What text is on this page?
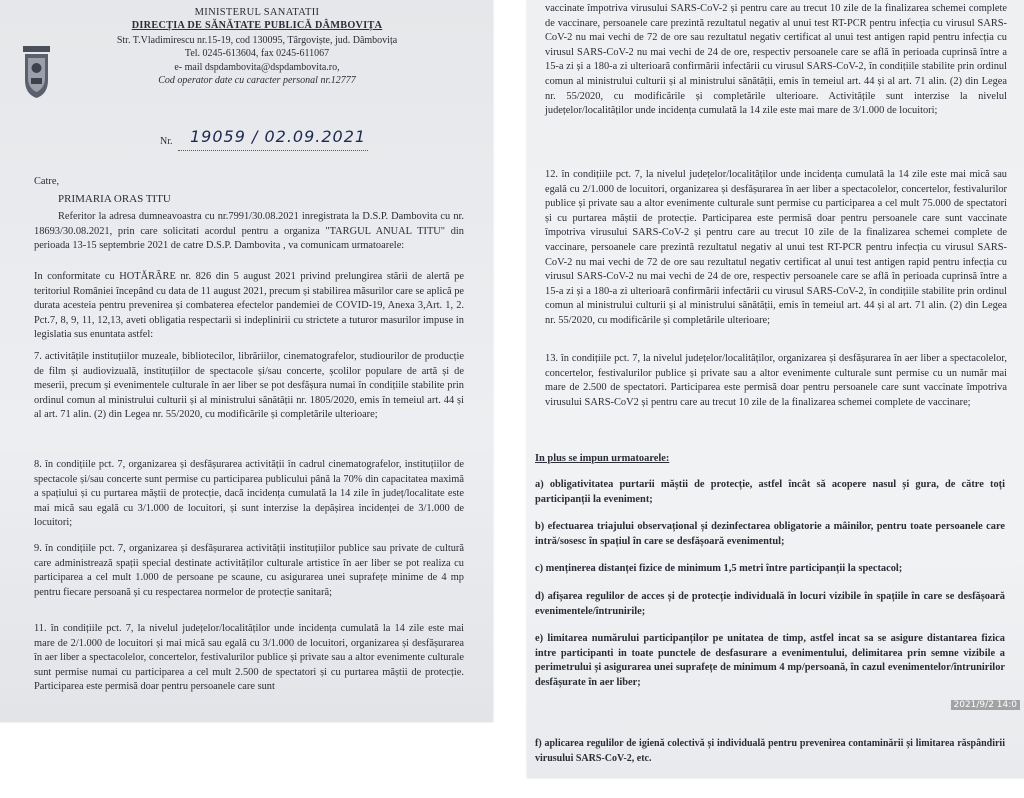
MINISTERUL SANATATII
DIRECȚIA DE SĂNĂTATE PUBLICĂ DÂMBOVIȚA
Str. T.Vladimirescu nr.15-19, cod 130095, Târgoviște, jud. Dâmbovița
Tel. 0245-613604, fax 0245-611067
e- mail dspdambovita@dspdambovita.ro,
Cod operator date cu caracter personal nr.12777
Nr. 19059 / 02.09.2021
Catre,
PRIMARIA ORAS TITU
Referitor la adresa dumneavoastra cu nr.7991/30.08.2021 inregistrata la D.S.P. Dambovita cu nr. 18693/30.08.2021, prin care solicitati acordul pentru a organiza "TARGUL ANUAL TITU" din perioada 13-15 septembrie 2021 de catre D.S.P. Dambovita , va comunicam urmatoarele:
In conformitate cu HOTĂRÂRE nr. 826 din 5 august 2021 privind prelungirea stării de alertă pe teritoriul României începând cu data de 11 august 2021, precum și stabilirea măsurilor care se aplică pe durata acesteia pentru prevenirea și combaterea efectelor pandemiei de COVID-19, Anexa 3,Art. 1, 2. Pct.7, 8, 9, 11, 12,13, aveti obligatia respectarii si indeplinirii cu strictete a tuturor masurilor impuse in legislatia sus enuntata astfel:
7. activitățile instituțiilor muzeale, bibliotecilor, librăriilor, cinematografelor, studiourilor de producție de film și audiovizuală, instituțiilor de spectacole și/sau concerte, școlilor populare de artă și de meserii, precum și evenimentele culturale în aer liber se pot desfășura numai în condițiile stabilite prin ordinul comun al ministrului culturii și al ministrului sănătății nr. 1805/2020, emis în temeiul art. 44 și al art. 71 alin. (2) din Legea nr. 55/2020, cu modificările și completările ulterioare;
8. în condițiile pct. 7, organizarea și desfășurarea activității în cadrul cinematografelor, instituțiilor de spectacole și/sau concerte sunt permise cu participarea publicului până la 70% din capacitatea maximă a spațiului și cu purtarea măștii de protecție, dacă incidența cumulată la 14 zile în județ/localitate este mai mică sau egală cu 3/1.000 de locuitori, și sunt interzise la depășirea incidenței de 3/1.000 de locuitori;
9. în condițiile pct. 7, organizarea și desfășurarea activității instituțiilor publice sau private de cultură care administrează spații special destinate activităților culturale artistice în aer liber se pot realiza cu participarea a cel mult 1.000 de persoane pe scaune, cu asigurarea unei suprafețe minime de 4 mp pentru fiecare persoană și cu respectarea normelor de protecție sanitară;
11. în condițiile pct. 7, la nivelul județelor/localităților unde incidența cumulată la 14 zile este mai mare de 2/1.000 de locuitori și mai mică sau egală cu 3/1.000 de locuitori, organizarea și desfășurarea în aer liber a spectacolelor, concertelor, festivalurilor publice și private sau a altor evenimente culturale sunt permise numai cu participarea a cel mult 2.500 de spectatori și cu purtarea măștii de protecție. Participarea este permisă doar pentru persoanele care sunt
vaccinate împotriva virusului SARS-CoV-2 și pentru care au trecut 10 zile de la finalizarea schemei complete de vaccinare, persoanele care prezintă rezultatul negativ al unui test RT-PCR pentru infecția cu virusul SARS-CoV-2 nu mai vechi de 72 de ore sau rezultatul negativ certificat al unui test antigen rapid pentru infecția cu virusul SARS-CoV-2 nu mai vechi de 24 de ore, respectiv persoanele care se află în perioada cuprinsă între a 15-a zi și a 180-a zi ulterioară confirmării infectării cu virusul SARS-CoV-2, în condițiile stabilite prin ordinul comun al ministrului culturii și al ministrului sănătății, emis în temeiul art. 44 și al art. 71 alin. (2) din Legea nr. 55/2020, cu modificările și completările ulterioare. Activitățile sunt interzise la nivelul județelor/localităților unde incidența cumulată la 14 zile este mai mare de 3/1.000 de locuitori;
12. în condițiile pct. 7, la nivelul județelor/localităților unde incidența cumulată la 14 zile este mai mică sau egală cu 2/1.000 de locuitori, organizarea și desfășurarea în aer liber a spectacolelor, concertelor, festivalurilor publice și private sau a altor evenimente culturale sunt permise cu participarea a cel mult 75.000 de spectatori și cu purtarea măștii de protecție. Participarea este permisă doar pentru persoanele care sunt vaccinate împotriva virusului SARS-CoV-2 și pentru care au trecut 10 zile de la finalizarea schemei complete de vaccinare, persoanele care prezintă rezultatul negativ al unui test RT-PCR pentru infecția cu virusul SARS-CoV-2 nu mai vechi de 72 de ore sau rezultatul negativ certificat al unui test antigen rapid pentru infecția cu virusul SARS-CoV-2 nu mai vechi de 24 de ore, respectiv persoanele care se află în perioada cuprinsă între a 15-a zi și a 180-a zi ulterioară confirmării infectării cu virusul SARS-CoV-2, în condițiile stabilite prin ordinul comun al ministrului culturii și al ministrului sănătății, emis în temeiul art. 44 și al art. 71 alin. (2) din Legea nr. 55/2020, cu modificările și completările ulterioare;
13. în condițiile pct. 7, la nivelul județelor/localităților, organizarea și desfășurarea în aer liber a spectacolelor, concertelor, festivalurilor publice și private sau a altor evenimente culturale sunt permise cu un număr mai mare de 2.500 de spectatori. Participarea este permisă doar pentru persoanele care sunt vaccinate împotriva virusului SARS-CoV2 și pentru care au trecut 10 zile de la finalizarea schemei complete de vaccinare;
In plus se impun urmatoarele:
a) obligativitatea purtarii măștii de protecție, astfel încât să acopere nasul și gura, de către toți participanții la eveniment;
b) efectuarea triajului observațional și dezinfectarea obligatorie a mâinilor, pentru toate persoanele care intră/sosesc în spațiul în care se desfășoară evenimentul;
c) menținerea distanței fizice de minimum 1,5 metri între participanții la spectacol;
d) afișarea regulilor de acces și de protecție individuală în locuri vizibile în spațiile în care se desfășoară evenimentele/întrunirile;
e) limitarea numărului participanților pe unitatea de timp, astfel incat sa se asigure distantarea fizica intre participanti in toate punctele de desfasurare a evenimentului, delimitarea prin semne vizibile a perimetrului și asigurarea unei suprafețe de minimum 4 mp/persoană, în cazul evenimentelor/întrunirilor desfășurate în aer liber;
f) aplicarea regulilor de igienă colectivă și individuală pentru prevenirea contaminării și limitarea răspândirii virusului SARS-CoV-2, etc.
2021/9/2 14:0
